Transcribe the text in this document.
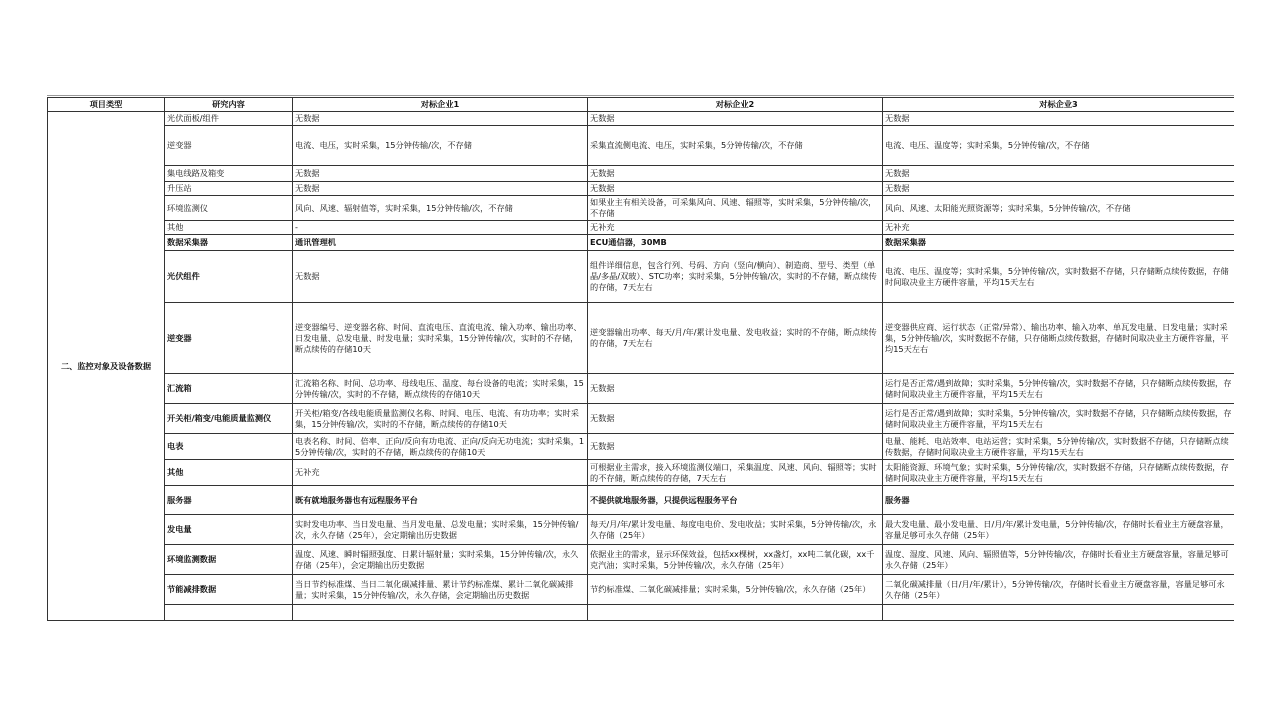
项目类型	研究内容	对标企业1	对标企业2	对标企业3
二、监控对象及设备数据	光伏面板/组件	无数据	无数据	无数据
	逆变器	电流、电压，实时采集，15分钟传输/次，不存储	采集直流侧电流、电压，实时采集，5分钟传输/次，不存储	电流、电压、温度等；实时采集，5分钟传输/次，不存储
	集电线路及箱变	无数据	无数据	无数据
	升压站	无数据	无数据	无数据
	环境监测仪	风向、风速、辐射值等，实时采集，15分钟传输/次，不存储	如果业主有相关设备，可采集风向、风速、辐照等，实时采集，5分钟传输/次，不存储	风向、风速、太阳能光照资源等；实时采集，5分钟传输/次，不存储
	其他	-	无补充	无补充
	数据采集器	通讯管理机	ECU通信器，30MB	数据采集器
	光伏组件	无数据	组件详细信息，包含行列、号码、方向（竖向/横向）、制造商、型号、类型（单晶/多晶/双玻）、STC功率；实时采集，5分钟传输/次，实时的不存储，断点续传的存储，7天左右	电流、电压、温度等；实时采集，5分钟传输/次，实时数据不存储，只存储断点续传数据，存储时间取决业主方硬件容量，平均15天左右
	逆变器	逆变器编号、逆变器名称、时间、直流电压、直流电流、输入功率、输出功率、日发电量、总发电量、时发电量；实时采集，15分钟传输/次，实时的不存储，断点续传的存储10天	逆变器输出功率、每天/月/年/累计发电量、发电收益；实时的不存储，断点续传的存储，7天左右	逆变器供应商、运行状态（正常/异常）、输出功率、输入功率、单瓦发电量、日发电量；实时采集，5分钟传输/次，实时数据不存储，只存储断点续传数据，存储时间取决业主方硬件容量，平均15天左右
	汇流箱	汇流箱名称、时间、总功率、母线电压、温度、每台设备的电流；实时采集，15分钟传输/次，实时的不存储，断点续传的存储10天	无数据	运行是否正常/遇到故障；实时采集，5分钟传输/次，实时数据不存储，只存储断点续传数据，存储时间取决业主方硬件容量，平均15天左右
	开关柜/箱变/电能质量监测仪	开关柜/箱变/各线电能质量监测仪名称、时间、电压、电流、有功功率；实时采集，15分钟传输/次，实时的不存储，断点续传的存储10天	无数据	运行是否正常/遇到故障；实时采集，5分钟传输/次，实时数据不存储，只存储断点续传数据，存储时间取决业主方硬件容量，平均15天左右
	电表	电表名称、时间、倍率、正向/反向有功电流、正向/反向无功电流；实时采集，15分钟传输/次，实时的不存储，断点续传的存储10天	无数据	电量、能耗、电站效率、电站运营；实时采集，5分钟传输/次，实时数据不存储，只存储断点续传数据，存储时间取决业主方硬件容量，平均15天左右
	其他	无补充	可根据业主需求，接入环境监测仪端口，采集温度、风速、风向、辐照等；实时的不存储，断点续传的存储，7天左右	太阳能资源、环境气象；实时采集，5分钟传输/次，实时数据不存储，只存储断点续传数据，存储时间取决业主方硬件容量，平均15天左右
	服务器	既有就地服务器也有远程服务平台	不提供就地服务器，只提供远程服务平台	服务器
	发电量	实时发电功率、当日发电量、当月发电量、总发电量；实时采集，15分钟传输/次，永久存储（25年），会定期输出历史数据	每天/月/年/累计发电量、每度电电价、发电收益；实时采集，5分钟传输/次，永久存储（25年）	最大发电量、最小发电量、日/月/年/累计发电量，5分钟传输/次，存储时长看业主方硬盘容量，容量足够可永久存储（25年）
	环境监测数据	温度、风速、瞬时辐照强度、日累计辐射量；实时采集，15分钟传输/次，永久存储（25年），会定期输出历史数据	依据业主的需求，显示环保效益，包括xx棵树，xx盏灯，xx吨二氧化碳，xx千克汽油；实时采集，5分钟传输/次，永久存储（25年）	温度、湿度、风速、风向、辐照值等，5分钟传输/次，存储时长看业主方硬盘容量，容量足够可永久存储（25年）
	节能减排数据	当日节约标准煤、当日二氧化碳减排量、累计节约标准煤、累计二氧化碳减排量；实时采集，15分钟传输/次，永久存储，会定期输出历史数据	节约标准煤、二氧化碳减排量；实时采集，5分钟传输/次，永久存储（25年）	二氧化碳减排量（日/月/年/累计），5分钟传输/次，存储时长看业主方硬盘容量，容量足够可永久存储（25年）
